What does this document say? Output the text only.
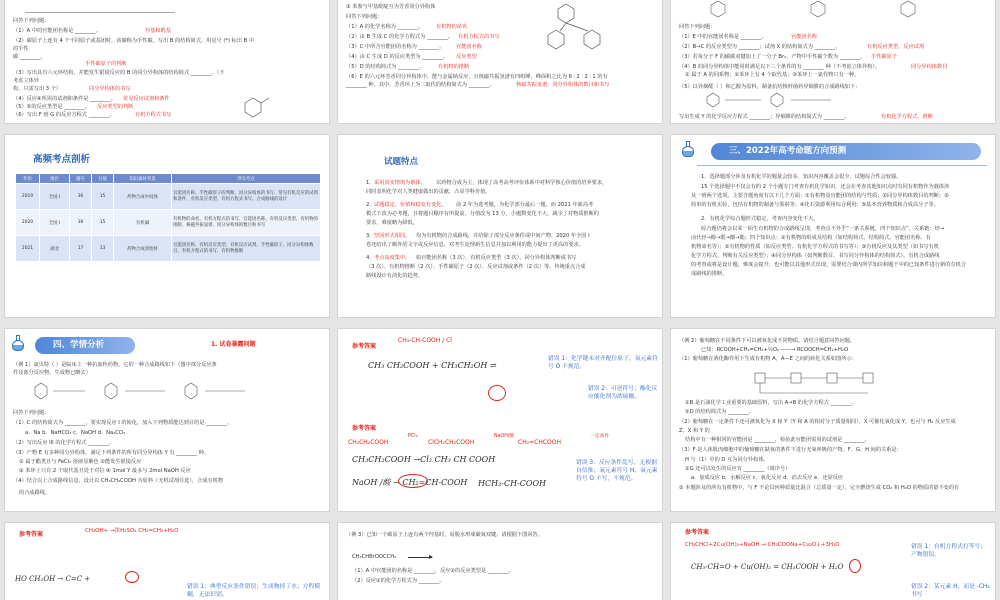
回答下列问题：
（1）A 中的官能团名称是 ________。	羟基和醛基
（2）碳原子上连有 4 个不同原子或基团时，该碳称为手性碳。写出 B 的结构简式，用星号 (*) 标出 B 中
的手性
碳 ________。
手性碳原子的判断
（3）写出具有六元环结构、并能发生银镜反应的 B 的同分异构体的结构简式 ________。（不
考虑立体异
构，只需写出 3 个）	同分异构体的书写
（4）反应④所需的试剂和条件是 ________。 常见反应试剂和条件
（5）⑤的反应类型是 ________。 反应类型的判断
（6）写出 F 到 G 的反应方程式 ________。	有机方程式书写
③ 苯胺与甲基吡啶互为芳香同分异构体
回答下列问题：
（1）A 的化学名称为 ________。 有机物的命名
（2）由 B 生成 C 的化学方程式为 ________。 有机方程式的书写
（3）C 中所含官能团的名称为 ________。 官能团名称
（4）由 C 生成 D 的反应类型为 ________。 反应类型
（5）D 的结构简式为 ________。	有机物的推断
（6）E 的六元环芳香同分异构体中，能与金属钠反应，且核磁共振氢谱有四组峰，峰面积之比为 6 ∶ 2 ∶ 2 ∶ 1 的有
________ 种，其中，芳香环上为二取代的结构简式为 ________。	核磁共振氢谱、同分异构体的数目和书写
回答下列问题：
（1）E 中的官能团名称是 ________。	官能团名称
（2）B→C 的反应类型为 ________；试剂 X 的结构简式为 ________。	有机反应类型、反应试剂
（3）若每分子 F 的碳碳双键加上了一分子 Br₂，产物中手性碳个数为 ________。 手性碳原子
（4）B 的同分异构体中能同时满足以下三个条件的有 ________ 种（不考虑立体异构）。	同分异构体数目
① 属于 A 的同系物；②苯环上有 4 个取代基；③苯环上一氯代物只有一种。
（5）以异烟醛（ ）和乙醇为原料，制备抗结核杆菌药异烟肼的合成路线如下：
写出生成 Y 的化学反应方程式 ________；异烟肼的结构简式为 ________。	有机化学方程式、推断
高频考点剖析
年份	地区	题号	分值	知识素材背景	涉及考点
2019	全国 I	36	15	药物合成中间体	官能团名称、手性碳原子的判断、同分异构体的书写、常见有机反应的试剂和条件、有机反应类型、有机方程式书写、合成路线的设计
2020	全国 I	36	15	有机碱	有机物的命名、有机方程式的书写、官能团名称、有机反应类型、有机物的推断、核磁共振氢谱、同分异构体的数目和书写
2021	湖北	17	13	药物合成原始材	官能团名称、有机反应类型、有机反应试剂、手性碳原子、同分异构体数目、有机方程式的书写、有机物推断
试题特点
1． 采用真实情境为载体。 以药物合成为主，体现了高考高考评价体系中对科学核心价值的培养要求，
同时表明化学对人类健康做出的贡献，凸显学科价值。
2． 试题稳定，价值和稳变有变化。 前 2 年为选考题，为化学部分最后一题，而 2021 年新高考
模式下改为必考题，且将题目顺序有所提前。分值改为 13 分，小题数变化不大，减少了对物质推断的
要求，难度略为降低。
3． 坚固形式相同。 均为有机物的合成路线，并给除了部分反应条件或中间产物。2020 年全国 I
卷还给出了额外的文字或反应信息，对考生处理新生信息并加以利用的能力提出了更高的要求。
4． 考点高度集中。 如官能团名称（3 次）、有机反应类型（3 次）、同分异构体判断或书写
（3 次）、有机物推断（2 次）、手性碳原子（2 次）、反应试剂或条件（2 次）等。传统重点合成
路线设计有淡化的趋势。
三、2022年高考命题方向预测
1．选择题部分涉及有机化学的题量会较多，知识内容覆盖会很全，试题综合性会较强。
15 个选择题中不仅会有约 2 个小题专门考查有机化学知识，还会在考查其他知识点时有同有机物作为载体涉
及一到两个选项。主要含题角度有以下几个方面：①有机物及官能团的结构与性质；②同分异构体数目的判断；③
简单的有机实验，包括有机物的制备与鉴别等；④化石资源利用综合利用；⑤基本营养物质和合成高分子等。
2．有机化学综合题形式稳定，考查内容变化不大。
综合题仍将会以某一陌生有机物的合成路线呈现，考查点不外乎“一条关系链，四个知识点”，关系链：烃→
卤代烃→醇→醛→酸→酯；四个知识点：①有机物的组成及结构（如结构简式、结构简式、官能团名称、有
机物命名等）；②有机物的性质（如反应类型、有机化学方程式的书写等）；③有机反应及其类型（如书写有机
化学方程式、判断有关反应类型）；④同分异构体（如判断数目、书写同分异构体的结构简式）。有机合成路线
的考查或将是设计题，难度会提升，也可能以其他形式出现。需要结合课内所学知识和题干中的已知条件进行新的有机合
成路线的推断。
四、学情分析	1. 试卷暴露问题
（例 1）氯贝特（ ）是临床上一种抗血栓药物，它的一种合成路线如下（图中部分反应条
件及部分反应物、生成物已略去）
回答下列问题：
（1）C 的结构简式为 ________，要实现反应 I 的转化，加入下列物质能达到目的是 ________。
a．Na b．NaHCO₃ c．NaOH d．Na₂CO₃
（2）写出反应 III 的化学方程式 ________。
（3）产物 E 有多种同分异构体，满足下列条件的所有同分异构体 Y 有 ________ 种。
① 属于酯类且与 FeCl₃ 溶液显紫色 ②能发生银镜反应
③ 苯环上只有 2 个取代基且处于对位 ④ 1mol Y 最多与 2mol NaOH 反应
（4）结合以上合成路线信息，设计以 CH₃CH₂COOH 为原料（无机试剂任选），合成有机物
的合成路线。
参考答案
CH₃-CH-COOH / Cl
CH₃ CH₂COOH + CH₃CH₂OH ⇌
错误 1：化学键未对齐配位原子，氧元素符号 O 不规范。
错误 2：可逆符号；酯化反应催化剂为浓硫酸。
参考答案
CH₃CH₂COOH
PCl₃
ClCH₂CH₂COOH
NaOH/醇
CH₂=CHCOOH
一定条件
CH₃CH₂COOH →Cl₂ CH₃ CH COOH
NaOH /酸 → CH₂=CH-COOH HCH₂-CH-COOH
错误 3：反应条件乱写，无根据自信推；氧元素符号 H、氧元素符号 O 不写，不规范。
（例 2）葡萄糖在不同条件下可以被氧化成不同物质。请结合题意回答问题。
已知：RCOOH+CH₂=CH₂+½O₂ ——→ RCOOCH=CH₂+H₂O
（1）葡萄糖在酒化酶作用下生成有机物 A，A—E 之间的转化关系如图所示：
①B 是石油化学工业重要的基础原料，写出 A→B 的化学方程式 ________。
②D 的结构简式为 ________。
（2）葡萄糖在一定条件下还可被氧化为 X 和 Y（Y 和 A 的相对分子质量相同）。X 可催化氧化成 Y，也可与 H₂ 反应生成
Z，X 和 Y 的
结构中有一种相同的官能团是 ________，检验此官能团需用的试剂是 ________。
（3）F 是人体肌肉细胞中的葡萄糖在缺氧的条件下进行无氧呼吸的产物。F、G、H 间的关系是：
H 与（1）中的 D 互为同分异构体。
①G 还可以发生的反应有 ________（填序号）
a．加成反应 b．水解反应 c．氧化反应 d．消去反应 e．还原反应
② 本题涉及的所有有机物中，与 F 不论以何种质量比混合（总质量一定），完全燃烧生成 CO₂ 和 H₂O 的物质的量不变的有
参考答案	CH₃OH+ →浓H₂SO₄ CH₂=CH₂+H₂O
HO CH₂OH → C=C +
错误 1：典型反应条件错误；生成物掉了水；方程模糊，无法识别。
（例 3）已知一个碳原子上连有两个羟基时，易脱水形成碳氧双键。请根据下图回答。
CH₃CHBrOOCCH₃ →
（1）A 中官能团的名称是 ________，反应②的反应类型是 ________。
（2）反应①的化学方程式为 ________。
参考答案
CH₃CHCl+2Cu(OH)₂+NaOH → CH₃COONa+Cu₂O↓+3H₂O
CH₃-CH=O + Cu(OH)₂ = CH₃COOH + H₂O
错误 1：有机方程式打等号；产物错误。
错误 2：某元素 H，而是 -CH₃ 书写
